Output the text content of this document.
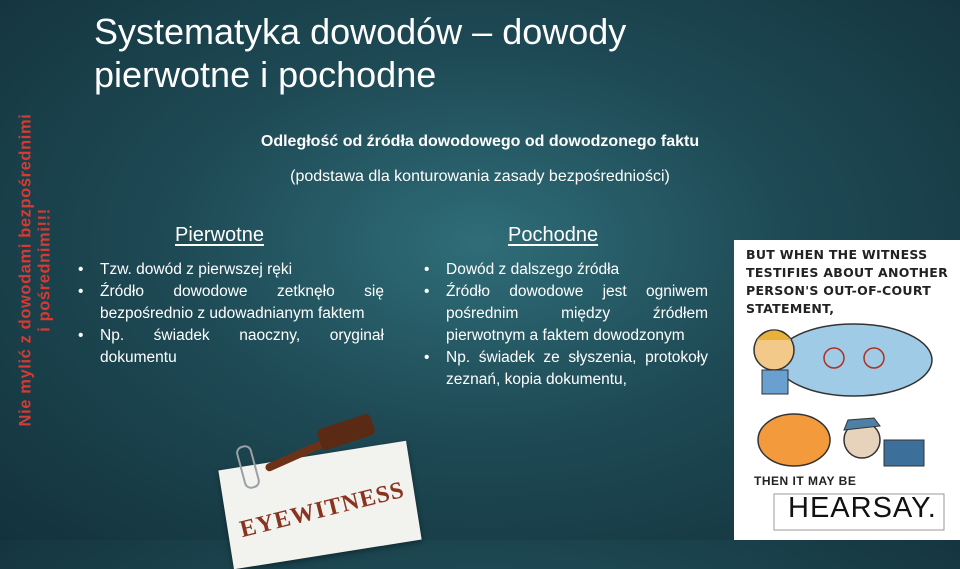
Nie mylić z dowodami bezpośrednimi i pośrednimi!!!
Systematyka dowodów – dowody
pierwotne i pochodne
Odległość od źródła dowodowego od dowodzonego faktu
(podstawa dla konturowania zasady bezpośredniości)
Pierwotne	Pochodne
• Tzw. dowód z pierwszej ręki
• Źródło dowodowe zetknęło się bezpośrednio z udowadnianym faktem
• Np. świadek naoczny, oryginał dokumentu
• Dowód z dalszego źródła
• Źródło dowodowe jest ogniwem pośrednim między źródłem pierwotnym a faktem dowodzonym
• Np. świadek ze słyszenia, protokoły zeznań, kopia dokumentu,
EYEWITNESS
BUT WHEN THE WITNESS TESTIFIES ABOUT ANOTHER PERSON'S OUT-OF-COURT STATEMENT,
THEN IT MAY BE
HEARSAY.
